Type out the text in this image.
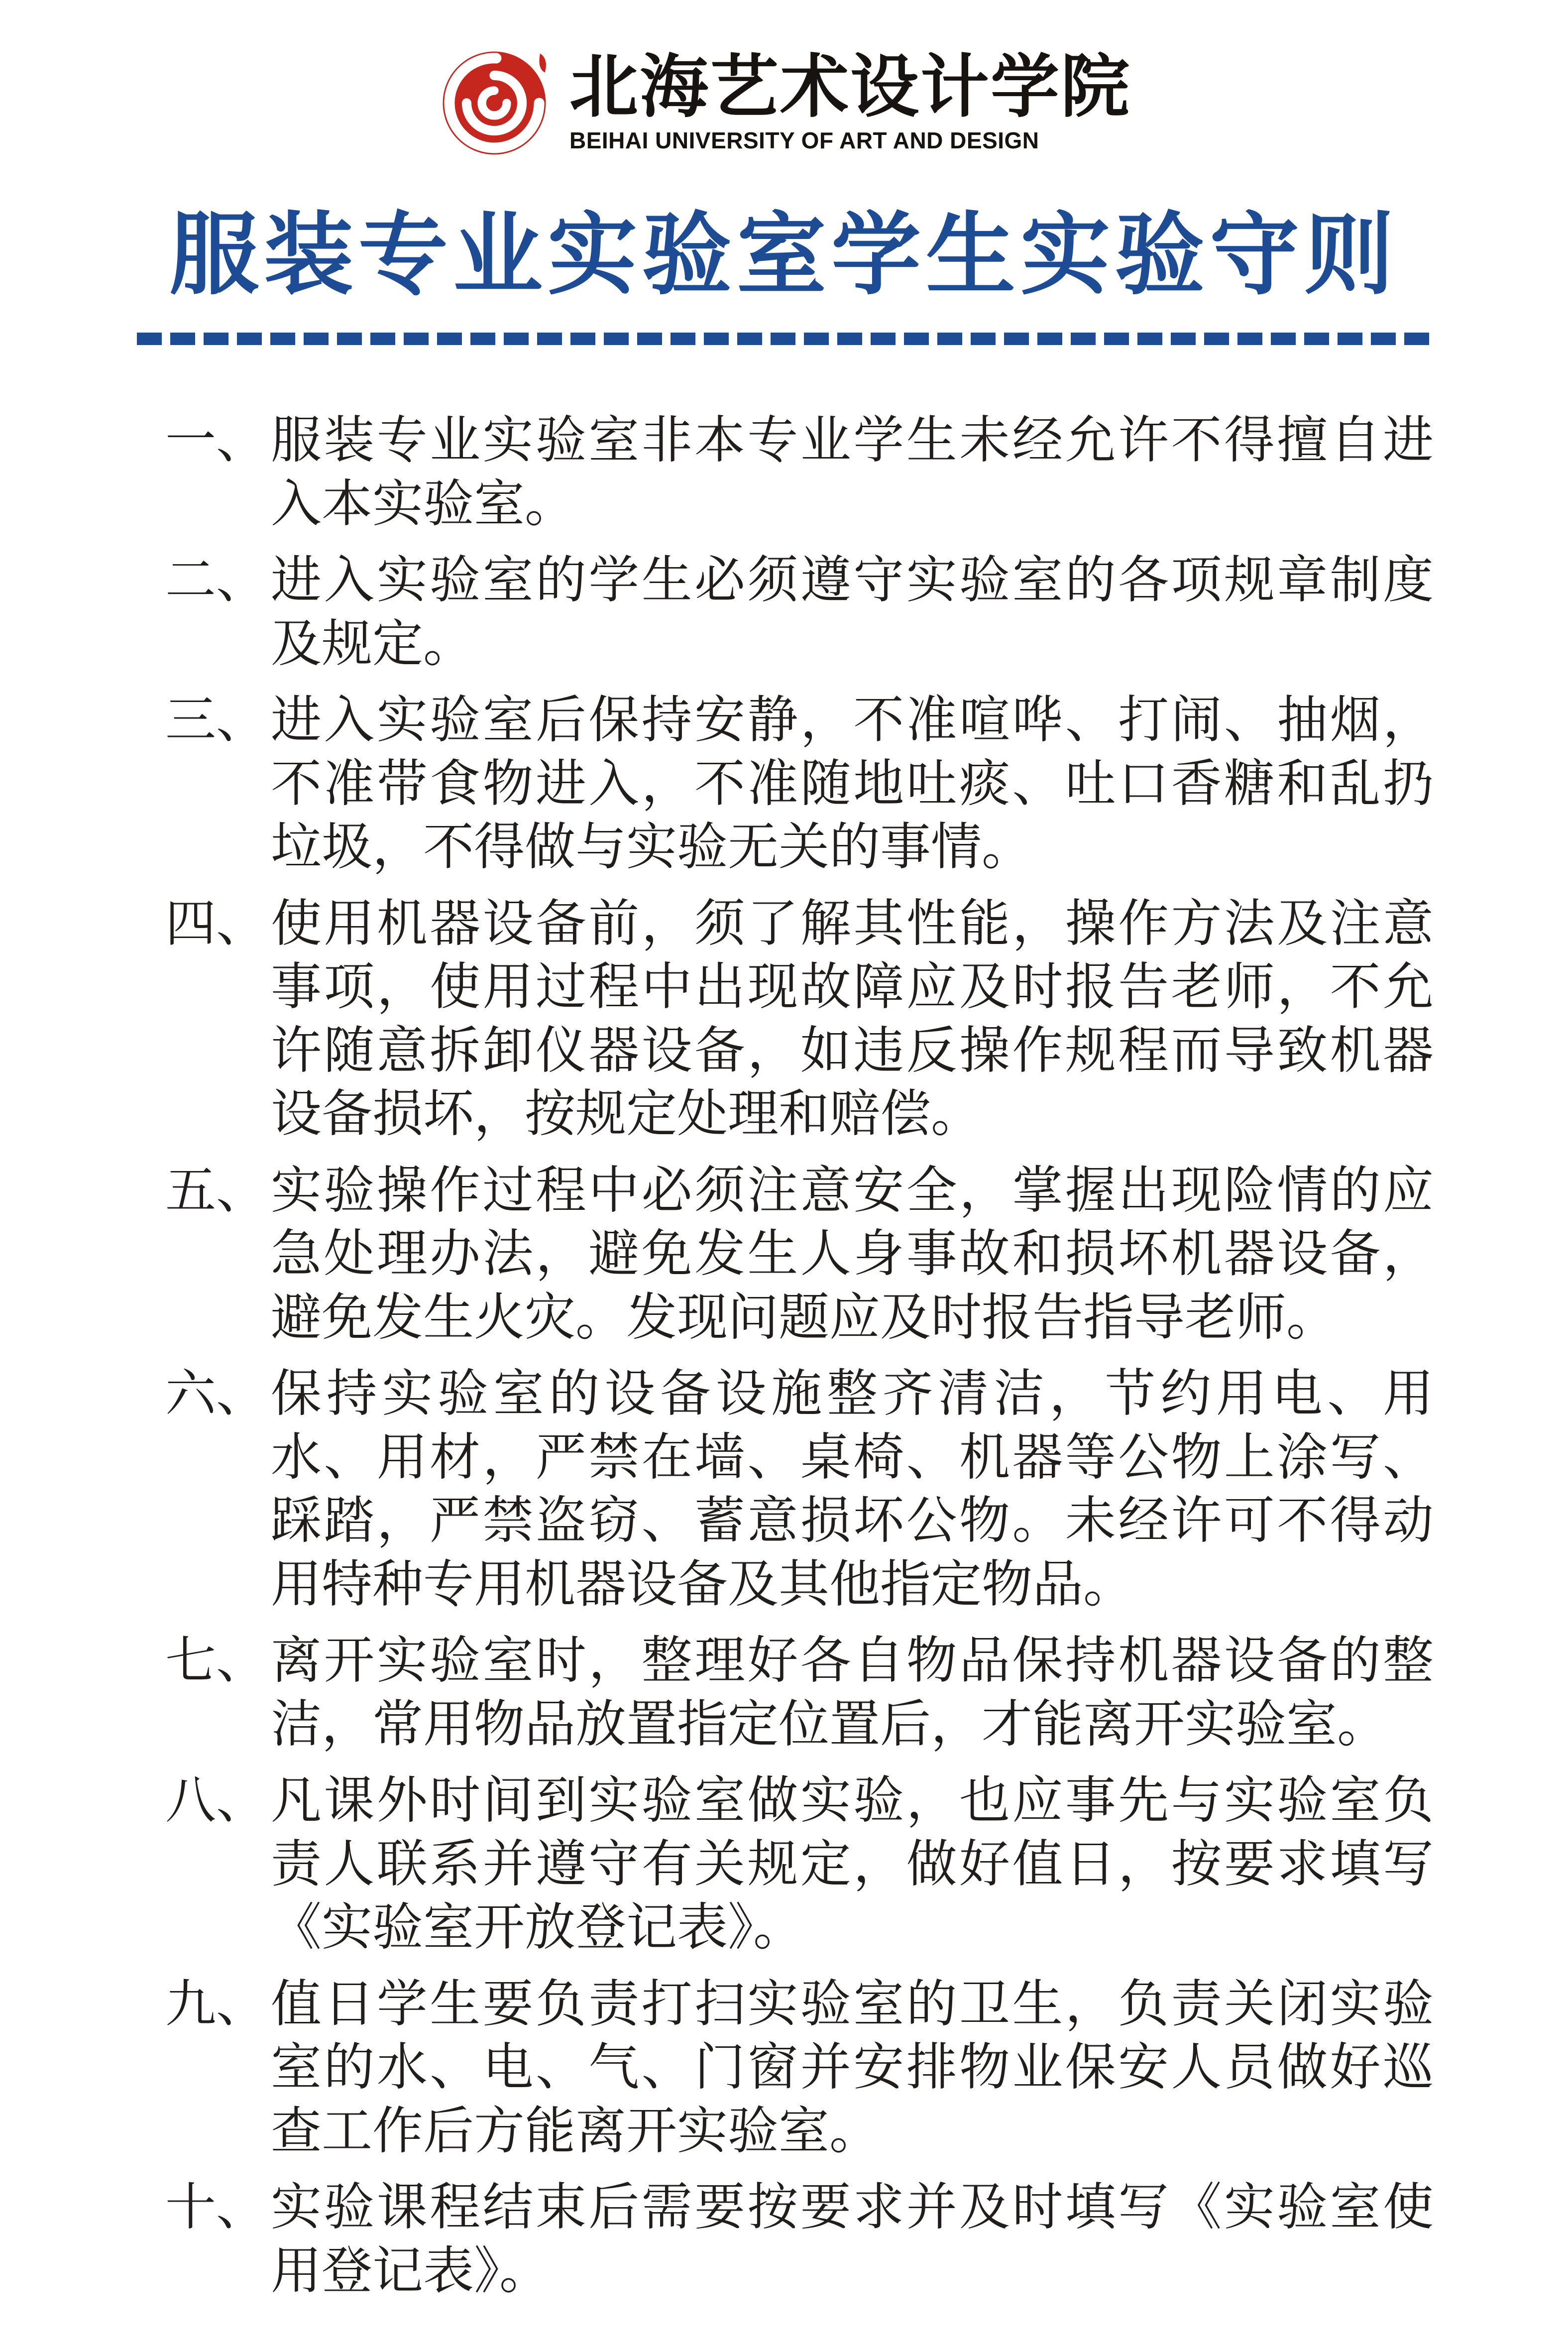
北海艺术设计学院
BEIHAI UNIVERSITY OF ART AND DESIGN
服装专业实验室学生实验守则
一、 服装专业实验室非本专业学生未经允许不得擅自进入本实验室。
二、 进入实验室的学生必须遵守实验室的各项规章制度及规定。
三、 进入实验室后保持安静，不准喧哗、打闹、抽烟，不准带食物进入，不准随地吐痰、吐口香糖和乱扔垃圾，不得做与实验无关的事情。
四、 使用机器设备前，须了解其性能，操作方法及注意事项，使用过程中出现故障应及时报告老师，不允许随意拆卸仪器设备，如违反操作规程而导致机器设备损坏，按规定处理和赔偿。
五、 实验操作过程中必须注意安全，掌握出现险情的应急处理办法，避免发生人身事故和损坏机器设备，避免发生火灾。发现问题应及时报告指导老师。
六、 保持实验室的设备设施整齐清洁，节约用电、用水、用材，严禁在墙、桌椅、机器等公物上涂写、踩踏，严禁盗窃、蓄意损坏公物。未经许可不得动用特种专用机器设备及其他指定物品。
七、 离开实验室时，整理好各自物品保持机器设备的整洁，常用物品放置指定位置后，才能离开实验室。
八、 凡课外时间到实验室做实验，也应事先与实验室负责人联系并遵守有关规定，做好值日，按要求填写《实验室开放登记表》。
九、 值日学生要负责打扫实验室的卫生，负责关闭实验室的水、电、气、门窗并安排物业保安人员做好巡查工作后方能离开实验室。
十、 实验课程结束后需要按要求并及时填写《实验室使用登记表》。
